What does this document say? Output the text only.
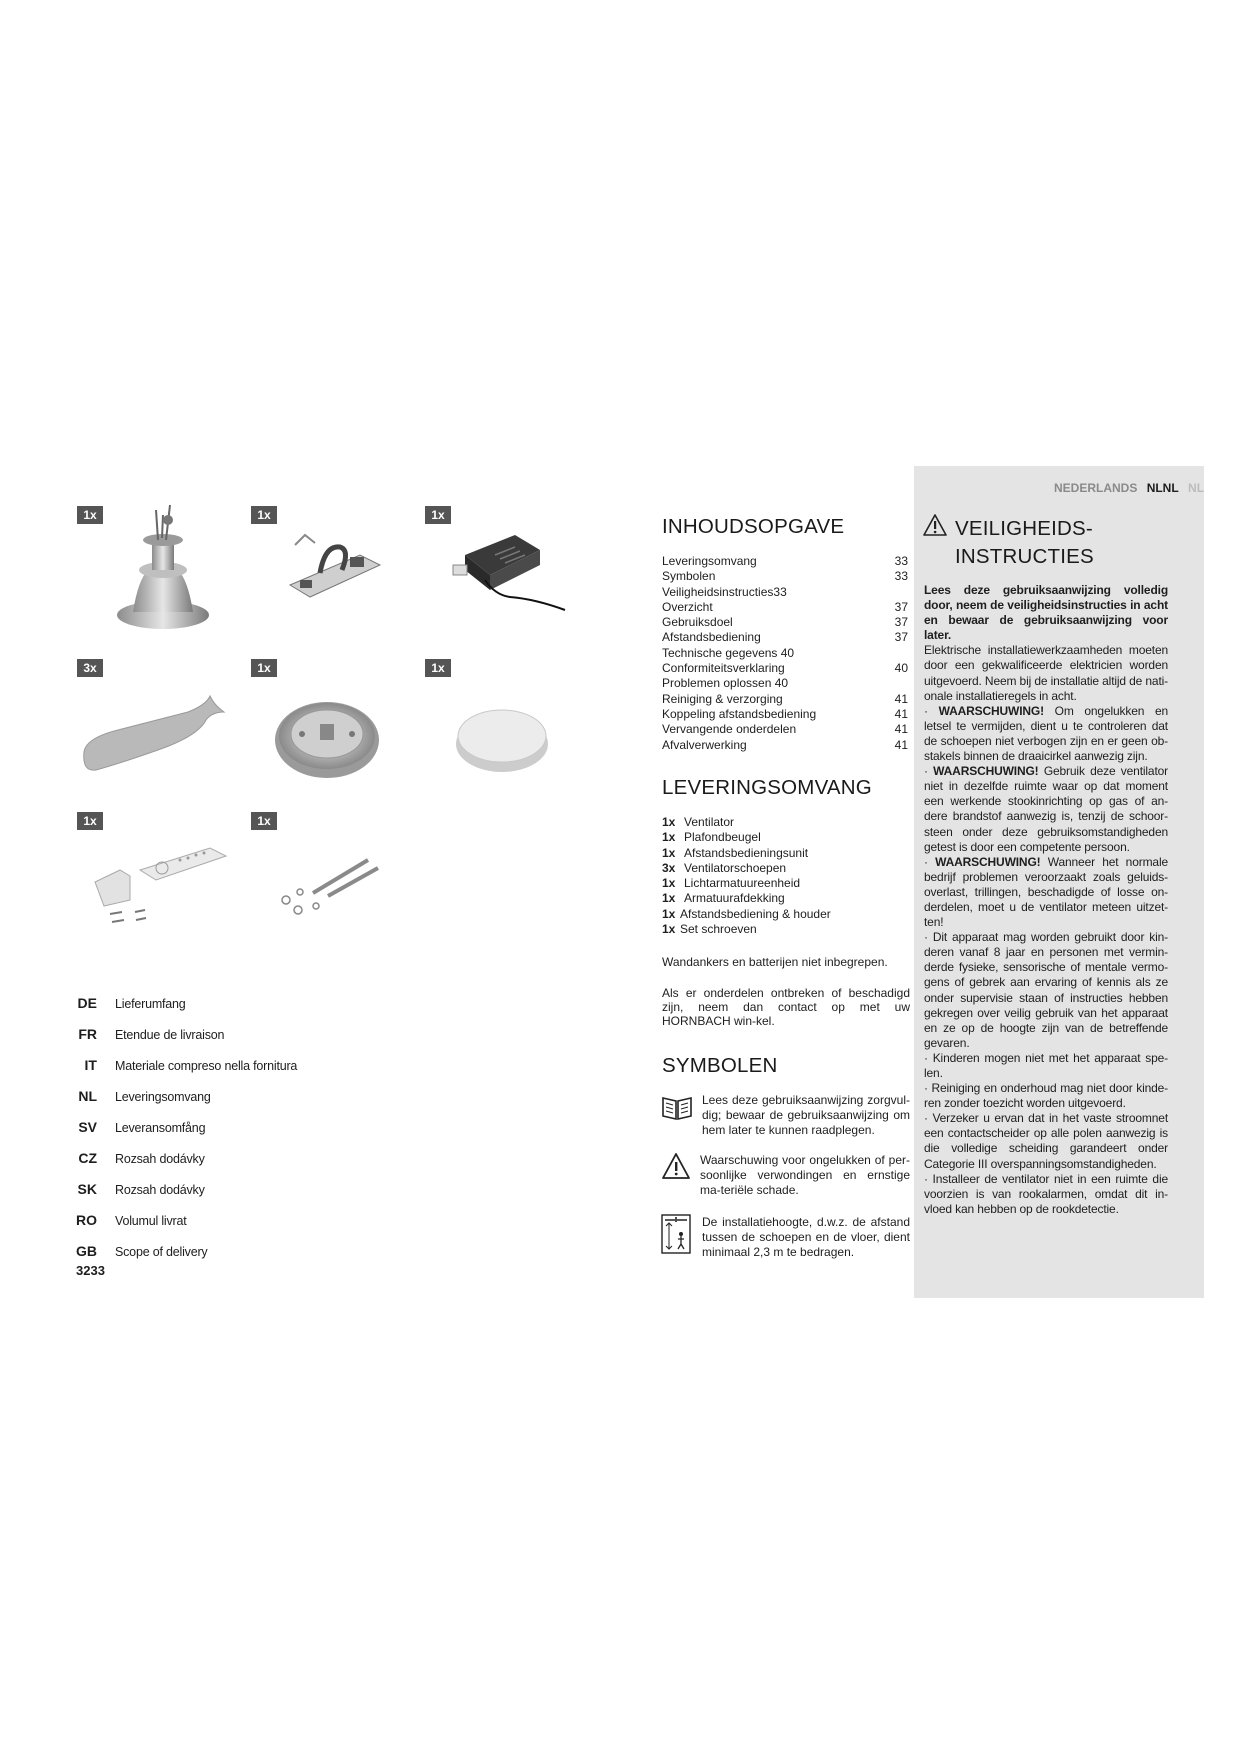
1x	1x	1x
3x	1x	1x
1x	1x
DE Lieferumfang
FR Etendue de livraison
IT Materiale compreso nella fornitura
NL Leveringsomvang
SV Leveransomfång
CZ Rozsah dodávky
SK Rozsah dodávky
RO Volumul livrat
GB Scope of delivery
3233
NEDERLANDS NLNL NL
INHOUDSOPGAVE
Leveringsomvang	33
Symbolen	33
Veiligheidsinstructies33
Overzicht	37
Gebruiksdoel	37
Afstandsbediening	37
Technische gegevens 40
Conformiteitsverklaring	40
Problemen oplossen 40
Reiniging & verzorging	41
Koppeling afstandsbediening	41
Vervangende onderdelen	41
Afvalverwerking	41
LEVERINGSOMVANG
1x Ventilator
1x Plafondbeugel
1x Afstandsbedieningsunit
3x Ventilatorschoepen
1x Lichtarmatuureenheid
1x Armatuurafdekking
1x Afstandsbediening & houder
1x Set schroeven
Wandankers en batterijen niet inbegrepen.
Als er onderdelen ontbreken of beschadigd zijn, neem dan contact op met uw HORNBACH win-kel.
SYMBOLEN
Lees deze gebruiksaanwijzing zorgvul-dig; bewaar de gebruiksaanwijzing om hem later te kunnen raadplegen.
Waarschuwing voor ongelukken of per-soonlijke verwondingen en ernstige ma-teriële schade.
De installatiehoogte, d.w.z. de afstand tussen de schoepen en de vloer, dient minimaal 2,3 m te bedragen.
VEILIGHEIDS-
INSTRUCTIES
Lees deze gebruiksaanwijzing volledig door, neem de veiligheidsinstructies in acht en bewaar de gebruiksaanwijzing voor later.
Elektrische installatiewerkzaamheden moeten door een gekwalificeerde elektricien worden uitgevoerd. Neem bij de installatie altijd de nati-onale installatieregels in acht.
· WAARSCHUWING! Om ongelukken en letsel te vermijden, dient u te controleren dat de schoepen niet verbogen zijn en er geen ob-stakels binnen de draaicirkel aanwezig zijn.
· WAARSCHUWING! Gebruik deze ventilator niet in dezelfde ruimte waar op dat moment een werkende stookinrichting op gas of an-dere brandstof aanwezig is, tenzij de schoor-steen onder deze gebruiksomstandigheden getest is door een competente persoon.
· WAARSCHUWING! Wanneer het normale bedrijf problemen veroorzaakt zoals geluids-overlast, trillingen, beschadigde of losse on-derdelen, moet u de ventilator meteen uitzet-ten!
· Dit apparaat mag worden gebruikt door kin-deren vanaf 8 jaar en personen met vermin-derde fysieke, sensorische of mentale vermo-gens of gebrek aan ervaring of kennis als ze onder supervisie staan of instructies hebben gekregen over veilig gebruik van het apparaat en ze op de hoogte zijn van de betreffende gevaren.
· Kinderen mogen niet met het apparaat spe-len.
· Reiniging en onderhoud mag niet door kinde-ren zonder toezicht worden uitgevoerd.
· Verzeker u ervan dat in het vaste stroomnet een contactscheider op alle polen aanwezig is die volledige scheiding garandeert onder Categorie III overspanningsomstandigheden.
· Installeer de ventilator niet in een ruimte die voorzien is van rookalarmen, omdat dit in-vloed kan hebben op de rookdetectie.
